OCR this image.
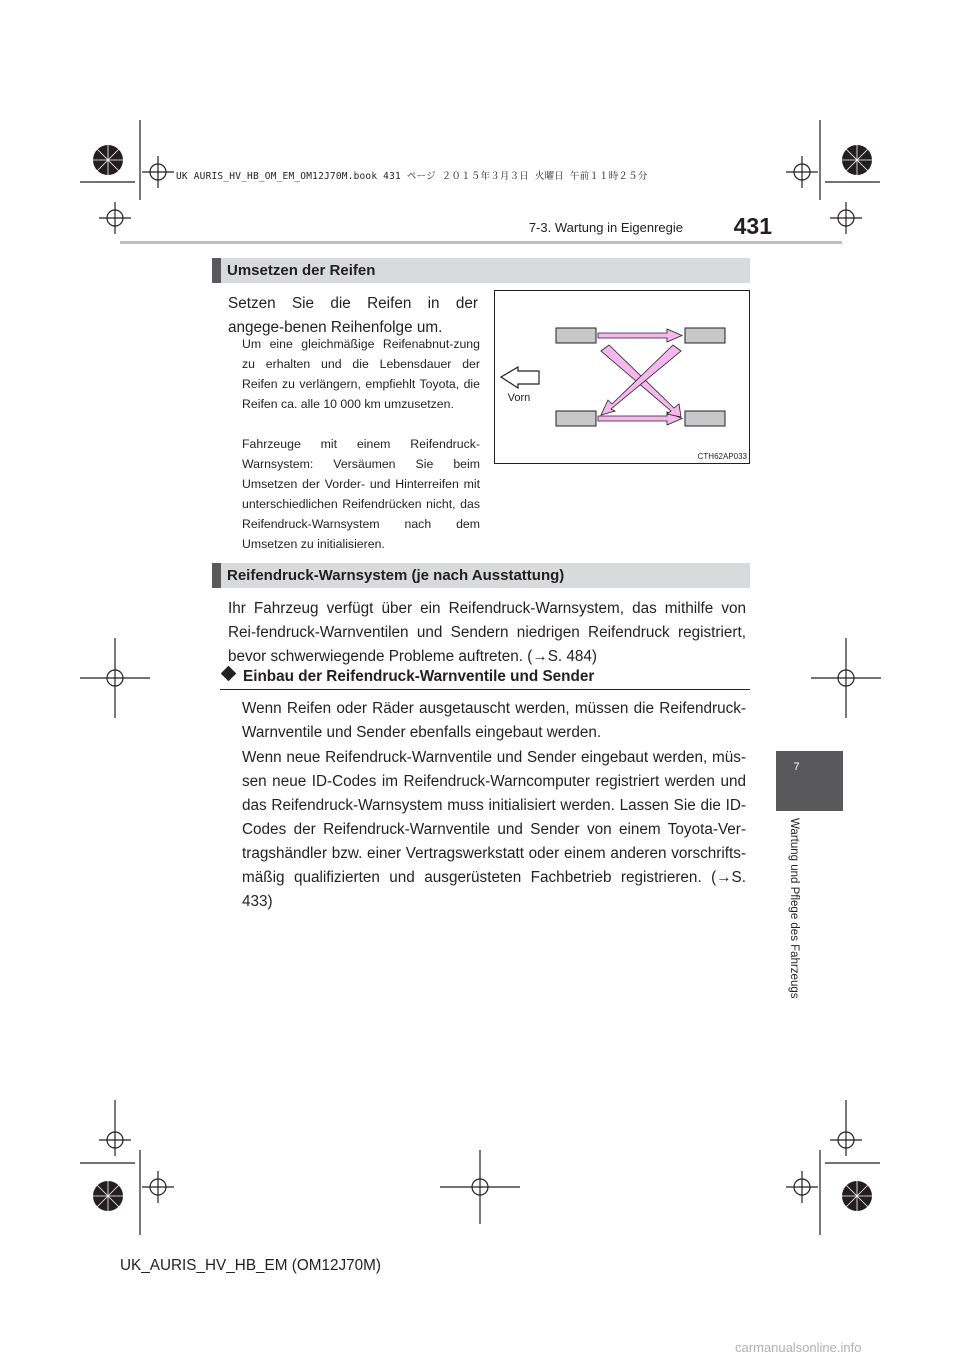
UK AURIS_HV_HB_OM_EM_OM12J70M.book 431 ページ ２０１５年３月３日 火曜日 午前１１時２５分
7-3. Wartung in Eigenregie	431
7
Wartung und Pflege des Fahrzeugs
Umsetzen der Reifen
Setzen Sie die Reifen in der angege-benen Reihenfolge um.
Um eine gleichmäßige Reifenabnut-zung zu erhalten und die Lebensdauer der Reifen zu verlängern, empfiehlt Toyota, die Reifen ca. alle 10 000 km umzusetzen.
Fahrzeuge mit einem Reifendruck-Warnsystem: Versäumen Sie beim Umsetzen der Vorder- und Hinterreifen mit unterschiedlichen Reifendrücken nicht, das Reifendruck-Warnsystem nach dem Umsetzen zu initialisieren.
Vorn
CTH62AP033
Reifendruck-Warnsystem (je nach Ausstattung)
Ihr Fahrzeug verfügt über ein Reifendruck-Warnsystem, das mithilfe von Rei-fendruck-Warnventilen und Sendern niedrigen Reifendruck registriert, bevor schwerwiegende Probleme auftreten. (→S. 484)
Einbau der Reifendruck-Warnventile und Sender
Wenn Reifen oder Räder ausgetauscht werden, müssen die Reifendruck-Warnventile und Sender ebenfalls eingebaut werden.
Wenn neue Reifendruck-Warnventile und Sender eingebaut werden, müs-sen neue ID-Codes im Reifendruck-Warncomputer registriert werden und das Reifendruck-Warnsystem muss initialisiert werden. Lassen Sie die ID-Codes der Reifendruck-Warnventile und Sender von einem Toyota-Ver-tragshändler bzw. einer Vertragswerkstatt oder einem anderen vorschrifts-mäßig qualifizierten und ausgerüsteten Fachbetrieb registrieren. (→S. 433)
UK_AURIS_HV_HB_EM (OM12J70M)
carmanualsonline.info
